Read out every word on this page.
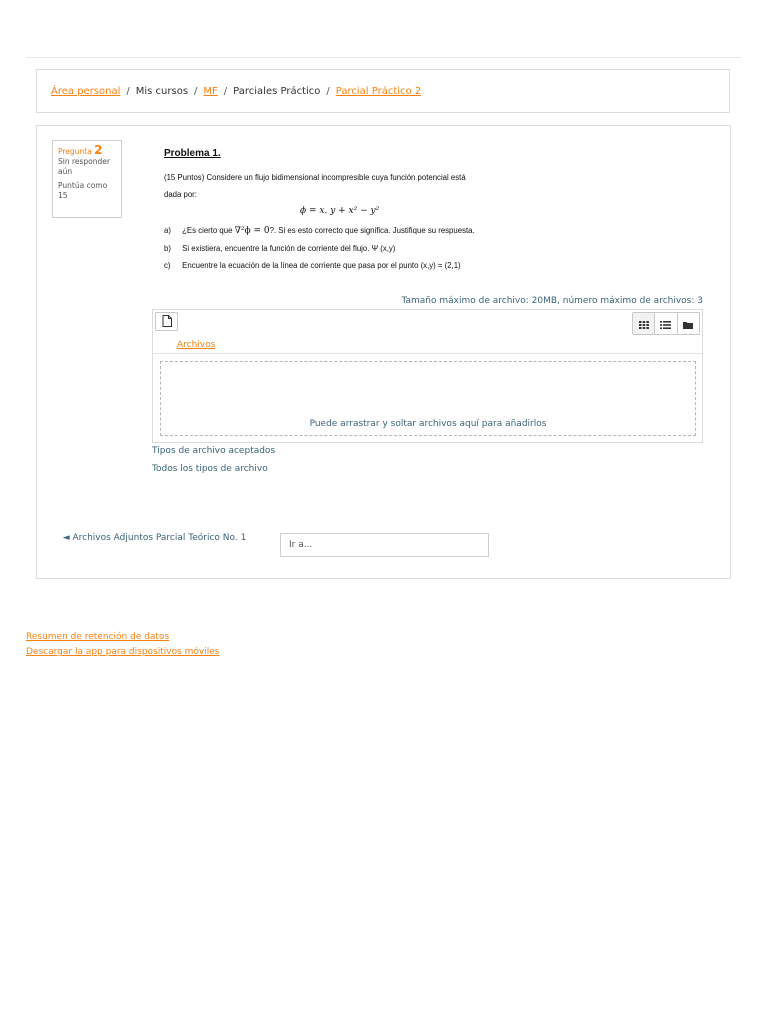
Área personal / Mis cursos / MF / Parciales Práctico / Parcial Práctico 2
Pregunta 2
Sin responder aún
Puntúa como 15
Problema 1.

(15 Puntos) Considere un flujo bidimensional incompresible cuya función potencial está

dada por:

ϕ = x. y + x² − y²

a) ¿Es cierto que ∇²ϕ = 0?. Si es esto correcto que significa. Justifique su respuesta.

b) Si existiera, encuentre la función de corriente del flujo. Ψ (x,y)

c) Encuentre la ecuación de la línea de corriente que pasa por el punto (x,y) = (2,1)

Tamaño máximo de archivo: 20MB, número máximo de archivos: 3
Archivos
Puede arrastrar y soltar archivos aquí para añadirlos
Tipos de archivo aceptados
Todos los tipos de archivo
◄ Archivos Adjuntos Parcial Teórico No. 1
Ir a...
Resumen de retención de datos
Descargar la app para dispositivos móviles
